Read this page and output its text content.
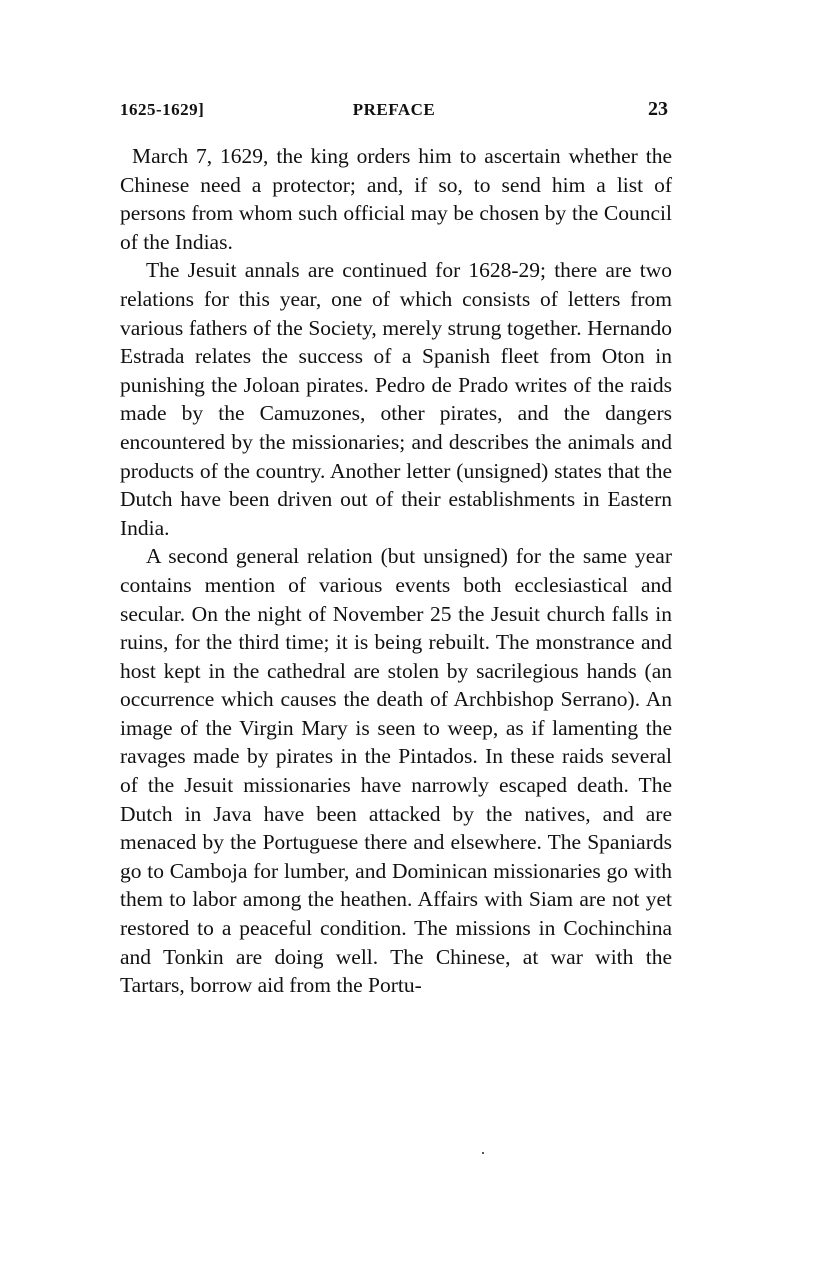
1625-1629]	PREFACE	23

March 7, 1629, the king orders him to ascertain whether the Chinese need a protector; and, if so, to send him a list of persons from whom such official may be chosen by the Council of the Indias.

The Jesuit annals are continued for 1628-29; there are two relations for this year, one of which consists of letters from various fathers of the Society, merely strung together. Hernando Estrada relates the success of a Spanish fleet from Oton in punishing the Joloan pirates. Pedro de Prado writes of the raids made by the Camuzones, other pirates, and the dangers encountered by the missionaries; and describes the animals and products of the country. Another letter (unsigned) states that the Dutch have been driven out of their establishments in Eastern India.

A second general relation (but unsigned) for the same year contains mention of various events both ecclesiastical and secular. On the night of November 25 the Jesuit church falls in ruins, for the third time; it is being rebuilt. The monstrance and host kept in the cathedral are stolen by sacrilegious hands (an occurrence which causes the death of Archbishop Serrano). An image of the Virgin Mary is seen to weep, as if lamenting the ravages made by pirates in the Pintados. In these raids several of the Jesuit missionaries have narrowly escaped death. The Dutch in Java have been attacked by the natives, and are menaced by the Portuguese there and elsewhere. The Spaniards go to Camboja for lumber, and Dominican missionaries go with them to labor among the heathen. Affairs with Siam are not yet restored to a peaceful condition. The missions in Cochinchina and Tonkin are doing well. The Chinese, at war with the Tartars, borrow aid from the Portu-
